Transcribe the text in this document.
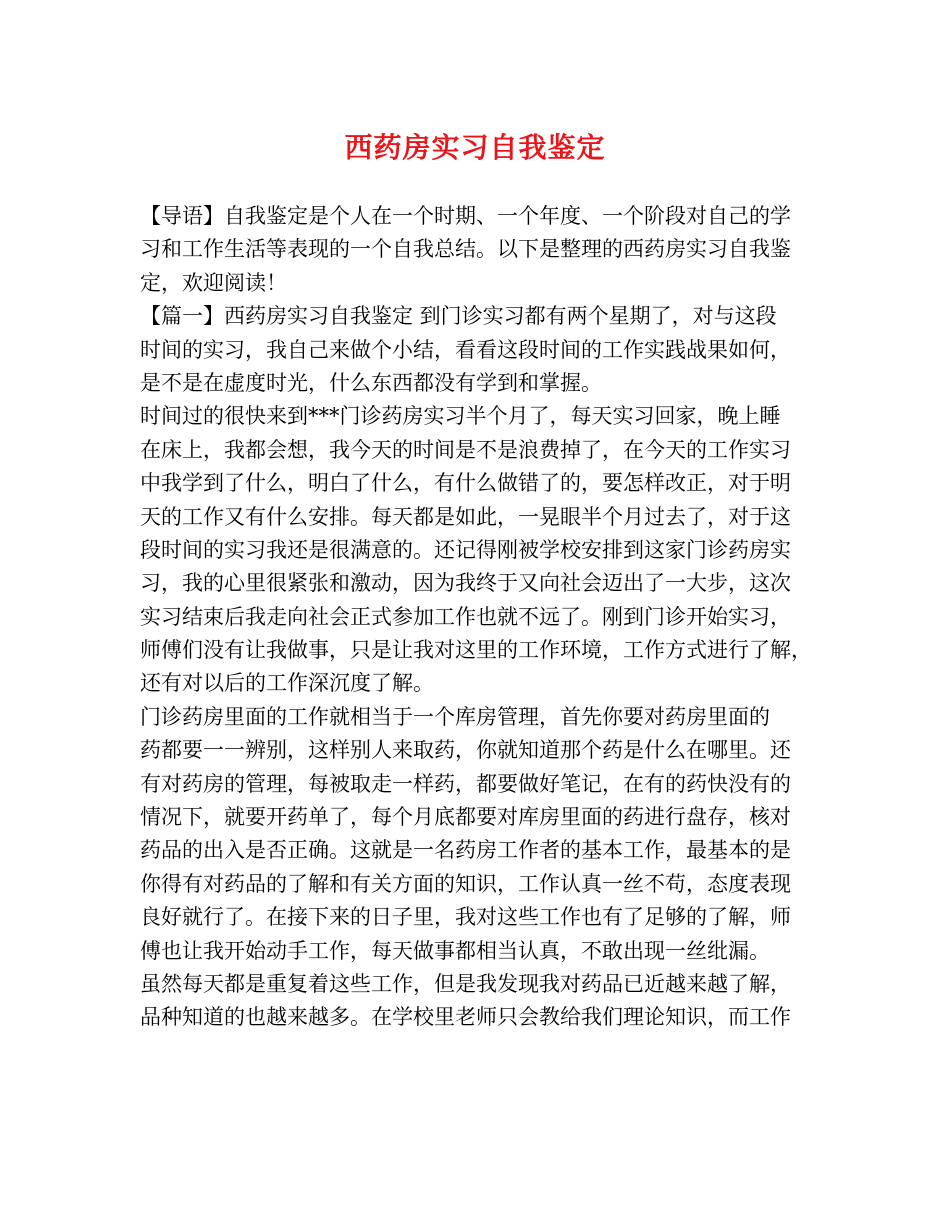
西药房实习自我鉴定
【导语】自我鉴定是个人在一个时期、一个年度、一个阶段对自己的学
习和工作生活等表现的一个自我总结。以下是整理的西药房实习自我鉴
定，欢迎阅读！
【篇一】西药房实习自我鉴定 到门诊实习都有两个星期了，对与这段
时间的实习，我自己来做个小结，看看这段时间的工作实践战果如何，
是不是在虚度时光，什么东西都没有学到和掌握。
时间过的很快来到***门诊药房实习半个月了，每天实习回家，晚上睡
在床上，我都会想，我今天的时间是不是浪费掉了，在今天的工作实习
中我学到了什么，明白了什么，有什么做错了的，要怎样改正，对于明
天的工作又有什么安排。每天都是如此，一晃眼半个月过去了，对于这
段时间的实习我还是很满意的。还记得刚被学校安排到这家门诊药房实
习，我的心里很紧张和激动，因为我终于又向社会迈出了一大步，这次
实习结束后我走向社会正式参加工作也就不远了。刚到门诊开始实习，
师傅们没有让我做事，只是让我对这里的工作环境，工作方式进行了解，
还有对以后的工作深沉度了解。
门诊药房里面的工作就相当于一个库房管理，首先你要对药房里面的
药都要一一辨别，这样别人来取药，你就知道那个药是什么在哪里。还
有对药房的管理，每被取走一样药，都要做好笔记，在有的药快没有的
情况下，就要开药单了，每个月底都要对库房里面的药进行盘存，核对
药品的出入是否正确。这就是一名药房工作者的基本工作，最基本的是
你得有对药品的了解和有关方面的知识，工作认真一丝不苟，态度表现
良好就行了。在接下来的日子里，我对这些工作也有了足够的了解，师
傅也让我开始动手工作，每天做事都相当认真，不敢出现一丝纰漏。
虽然每天都是重复着这些工作，但是我发现我对药品已近越来越了解，
品种知道的也越来越多。在学校里老师只会教给我们理论知识，而工作
